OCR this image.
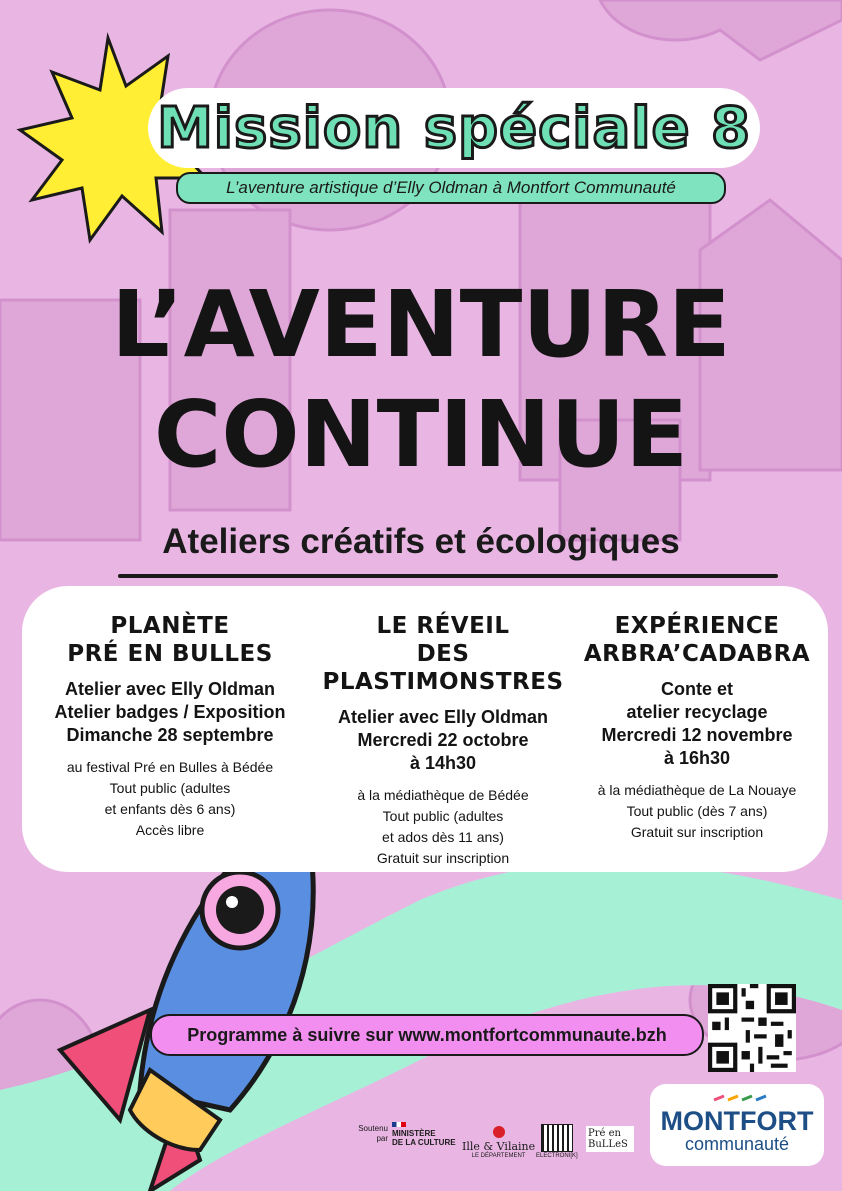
Mission spéciale 8
L’aventure artistique d’Elly Oldman à Montfort Communauté
L’AVENTURE
CONTINUE
Ateliers créatifs et écologiques
PLANÈTE
PRÉ EN BULLES
Atelier avec Elly Oldman
Atelier badges / Exposition
Dimanche 28 septembre
au festival Pré en Bulles à Bédée
Tout public (adultes
et enfants dès 6 ans)
Accès libre
LE RÉVEIL
DES PLASTIMONSTRES
Atelier avec Elly Oldman
Mercredi 22 octobre
à 14h30
à la médiathèque de Bédée
Tout public (adultes
et ados dès 11 ans)
Gratuit sur inscription
EXPÉRIENCE
ARBRA’CADABRA
Conte et
atelier recyclage
Mercredi 12 novembre
à 16h30
à la médiathèque de La Nouaye
Tout public (dès 7 ans)
Gratuit sur inscription
Programme à suivre sur www.montfortcommunaute.bzh
Soutenu par
MINISTÈRE
DE LA CULTURE Ille & Vilaine
LE DÉPARTEMENT	ELECTRONI[K]
Pré en BuLLeS
MONTFORT
communauté
